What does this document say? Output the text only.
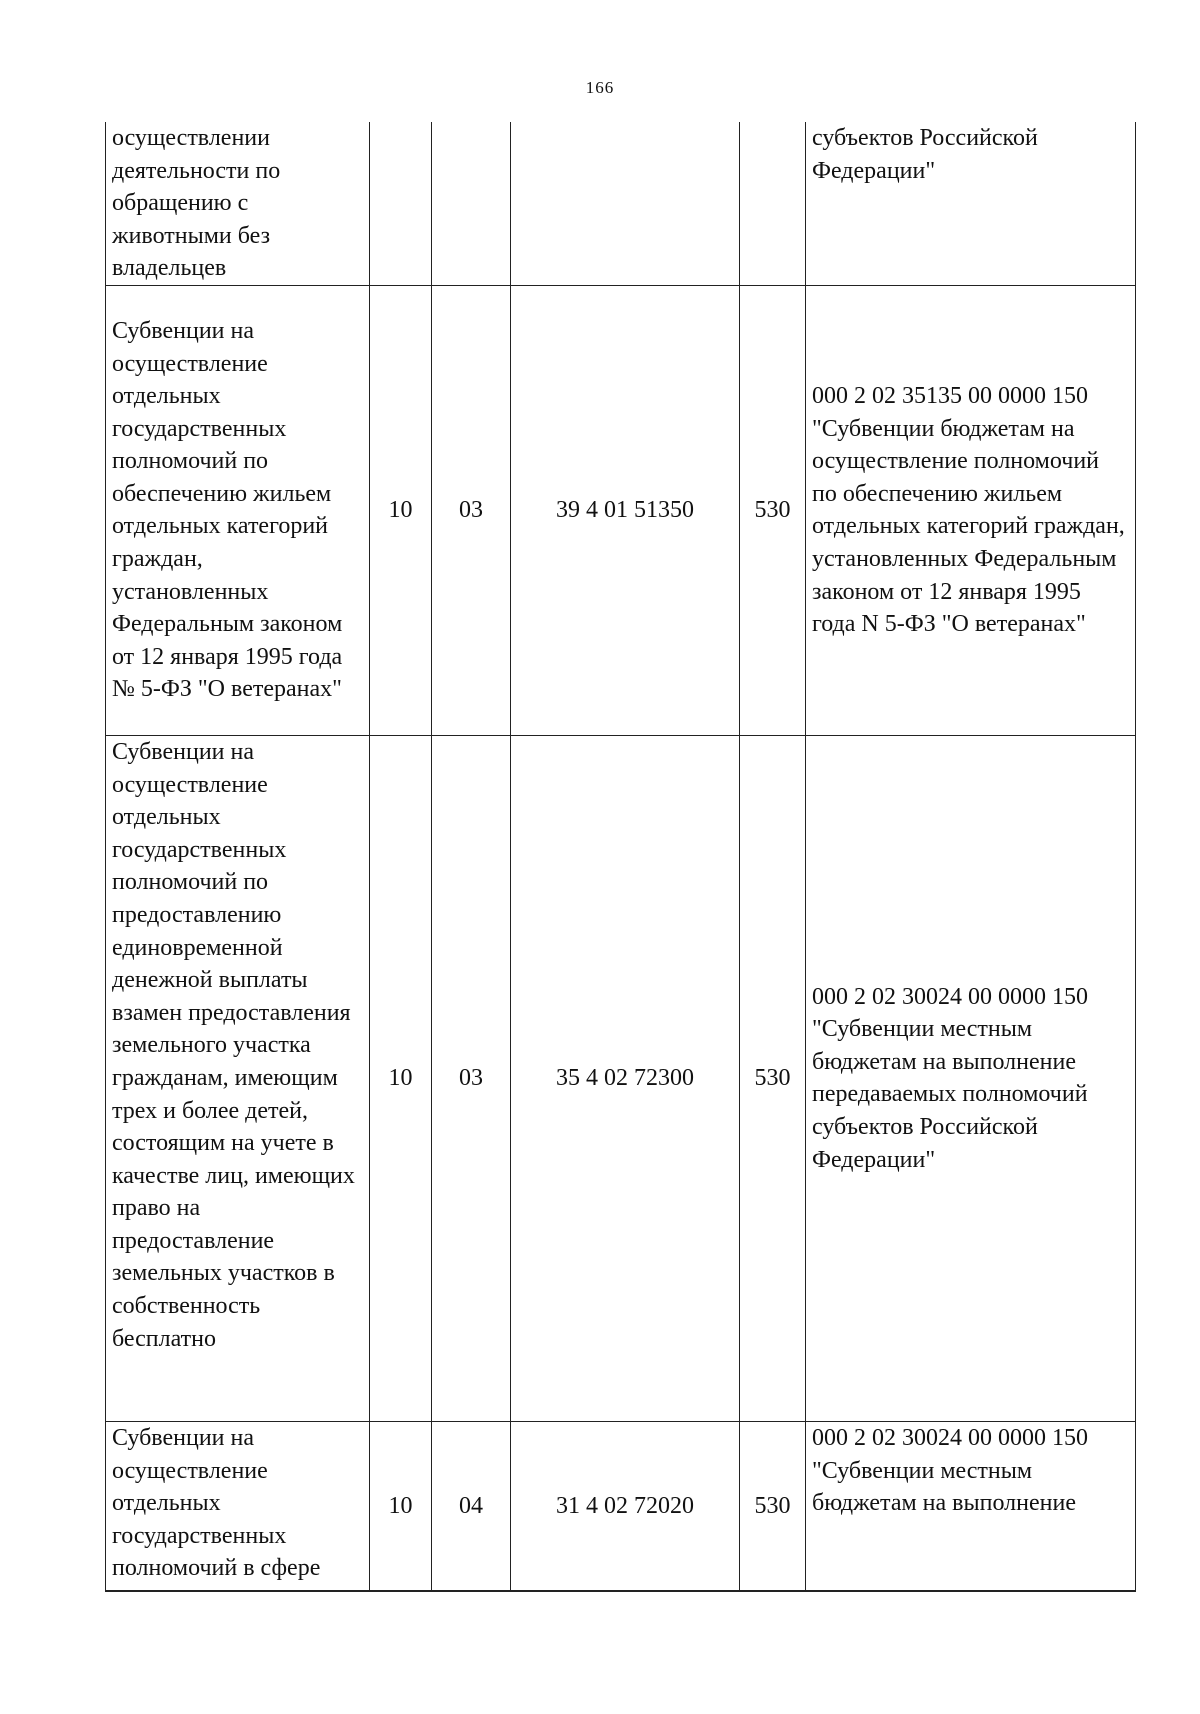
166
осуществлении деятельности по обращению с животными без владельцев					субъектов Российской Федерации"
Субвенции на осуществление отдельных государственных полномочий по обеспечению жильем отдельных категорий граждан, установленных Федеральным законом от 12 января 1995 года № 5-ФЗ "О ветеранах"	10	03	39 4 01 51350	530	000 2 02 35135 00 0000 150 "Субвенции бюджетам на осуществление полномочий по обеспечению жильем отдельных категорий граждан, установленных Федеральным законом от 12 января 1995 года N 5-ФЗ "О ветеранах"
Субвенции на осуществление отдельных государственных полномочий по предоставлению единовременной денежной выплаты взамен предоставления земельного участка гражданам, имеющим трех и более детей, состоящим на учете в качестве лиц, имеющих право на предоставление земельных участков в собственность бесплатно	10	03	35 4 02 72300	530	000 2 02 30024 00 0000 150 "Субвенции местным бюджетам на выполнение передаваемых полномочий субъектов Российской Федерации"
Субвенции на осуществление отдельных государственных полномочий в сфере	10	04	31 4 02 72020	530	000 2 02 30024 00 0000 150 "Субвенции местным бюджетам на выполнение
